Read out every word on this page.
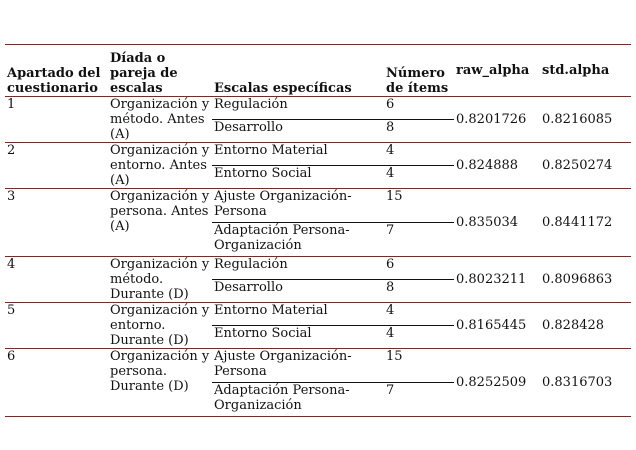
Apartado del cuestionario	Díada o pareja de escalas	Escalas específicas	Número de ítems	raw_alpha	std.alpha
1	Organización y método. Antes (A)	Regulación	6	0.8201726	0.8216085
		Desarrollo	8		
2	Organización y entorno. Antes (A)	Entorno Material	4	0.824888	0.8250274
		Entorno Social	4		
3	Organización y persona. Antes (A)	Ajuste Organización-Persona	15	0.835034	0.8441172
		Adaptación Persona-Organización	7		
4	Organización y método. Durante (D)	Regulación	6	0.8023211	0.8096863
		Desarrollo	8		
5	Organización y entorno. Durante (D)	Entorno Material	4	0.8165445	0.828428
		Entorno Social	4		
6	Organización y persona. Durante (D)	Ajuste Organización-Persona	15	0.8252509	0.8316703
		Adaptación Persona-Organización	7		
